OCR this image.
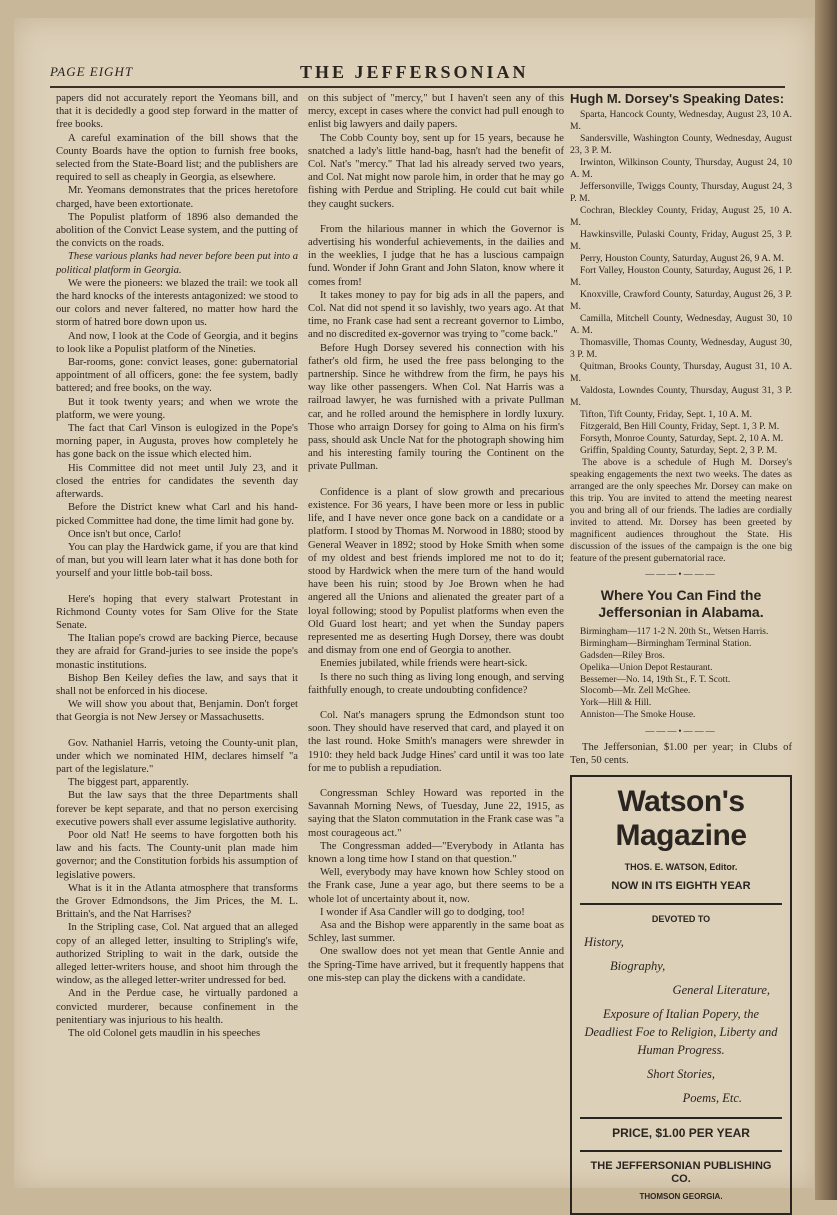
PAGE EIGHT	THE JEFFERSONIAN

papers did not accurately report the Yeomans bill, and that it is decidedly a good step forward in the matter of free books.

A careful examination of the bill shows that the County Boards have the option to furnish free books, selected from the State-Board list; and the publishers are required to sell as cheaply in Georgia, as elsewhere.

Mr. Yeomans demonstrates that the prices heretofore charged, have been extortionate.

The Populist platform of 1896 also demanded the abolition of the Convict Lease system, and the putting of the convicts on the roads.

These various planks had never before been put into a political platform in Georgia.

We were the pioneers: we blazed the trail: we took all the hard knocks of the interests antagonized: we stood to our colors and never faltered, no matter how hard the storm of hatred bore down upon us.

And now, I look at the Code of Georgia, and it begins to look like a Populist platform of the Nineties.

Bar-rooms, gone: convict leases, gone: gubernatorial appointment of all officers, gone: the fee system, badly battered; and free books, on the way.

But it took twenty years; and when we wrote the platform, we were young.

The fact that Carl Vinson is eulogized in the Pope's morning paper, in Augusta, proves how completely he has gone back on the issue which elected him.

His Committee did not meet until July 23, and it closed the entries for candidates the seventh day afterwards.

Before the District knew what Carl and his hand-picked Committee had done, the time limit had gone by.

Once isn't but once, Carlo!

You can play the Hardwick game, if you are that kind of man, but you will learn later what it has done both for yourself and your little bob-tail boss.

Here's hoping that every stalwart Protestant in Richmond County votes for Sam Olive for the State Senate.

The Italian pope's crowd are backing Pierce, because they are afraid for Grand-juries to see inside the pope's monastic institutions.

Bishop Ben Keiley defies the law, and says that it shall not be enforced in his diocese.

We will show you about that, Benjamin. Don't forget that Georgia is not New Jersey or Massachusetts.

Gov. Nathaniel Harris, vetoing the County-unit plan, under which we nominated HIM, declares himself "a part of the legislature."

The biggest part, apparently.

But the law says that the three Departments shall forever be kept separate, and that no person exercising executive powers shall ever assume legislative authority.

Poor old Nat! He seems to have forgotten both his law and his facts. The County-unit plan made him governor; and the Constitution forbids his assumption of legislative powers.

What is it in the Atlanta atmosphere that transforms the Grover Edmondsons, the Jim Prices, the M. L. Brittain's, and the Nat Harrises?

In the Stripling case, Col. Nat argued that an alleged copy of an alleged letter, insulting to Stripling's wife, authorized Stripling to wait in the dark, outside the alleged letter-writers house, and shoot him through the window, as the alleged letter-writer undressed for bed.

And in the Perdue case, he virtually pardoned a convicted murderer, because confinement in the penitentiary was injurious to his health.

The old Colonel gets maudlin in his speeches

on this subject of "mercy," but I haven't seen any of this mercy, except in cases where the convict had pull enough to enlist big lawyers and daily papers.

The Cobb County boy, sent up for 15 years, because he snatched a lady's little hand-bag, hasn't had the benefit of Col. Nat's "mercy." That lad his already served two years, and Col. Nat might now parole him, in order that he may go fishing with Perdue and Stripling. He could cut bait while they caught suckers.

From the hilarious manner in which the Governor is advertising his wonderful achievements, in the dailies and in the weeklies, I judge that he has a luscious campaign fund. Wonder if John Grant and John Slaton, know where it comes from!

It takes money to pay for big ads in all the papers, and Col. Nat did not spend it so lavishly, two years ago. At that time, no Frank case had sent a recreant governor to Limbo, and no discredited ex-governor was trying to "come back."

Before Hugh Dorsey severed his connection with his father's old firm, he used the free pass belonging to the partnership. Since he withdrew from the firm, he pays his way like other passengers. When Col. Nat Harris was a railroad lawyer, he was furnished with a private Pullman car, and he rolled around the hemisphere in lordly luxury. Those who arraign Dorsey for going to Alma on his firm's pass, should ask Uncle Nat for the photograph showing him and his interesting family touring the Continent on the private Pullman.

Confidence is a plant of slow growth and precarious existence. For 36 years, I have been more or less in public life, and I have never once gone back on a candidate or a platform. I stood by Thomas M. Norwood in 1880; stood by General Weaver in 1892; stood by Hoke Smith when some of my oldest and best friends implored me not to do it; stood by Hardwick when the mere turn of the hand would have been his ruin; stood by Joe Brown when he had angered all the Unions and alienated the greater part of a loyal following; stood by Populist platforms when even the Old Guard lost heart; and yet when the Sunday papers represented me as deserting Hugh Dorsey, there was doubt and dismay from one end of Georgia to another.

Enemies jubilated, while friends were heart-sick.

Is there no such thing as living long enough, and serving faithfully enough, to create undoubting confidence?

Col. Nat's managers sprung the Edmondson stunt too soon. They should have reserved that card, and played it on the last round. Hoke Smith's managers were shrewder in 1910: they held back Judge Hines' card until it was too late for me to publish a repudiation.

Congressman Schley Howard was reported in the Savannah Morning News, of Tuesday, June 22, 1915, as saying that the Slaton commutation in the Frank case was "a most courageous act."

The Congressman added—"Everybody in Atlanta has known a long time how I stand on that question."

Well, everybody may have known how Schley stood on the Frank case, June a year ago, but there seems to be a whole lot of uncertainty about it, now.

I wonder if Asa Candler will go to dodging, too!

Asa and the Bishop were apparently in the same boat as Schley, last summer.

One swallow does not yet mean that Gentle Annie and the Spring-Time have arrived, but it frequently happens that one mis-step can play the dickens with a candidate.

Hugh M. Dorsey's Speaking Dates:

Sparta, Hancock County, Wednesday, August 23, 10 A. M.

Sandersville, Washington County, Wednesday, August 23, 3 P. M.

Irwinton, Wilkinson County, Thursday, August 24, 10 A. M.

Jeffersonville, Twiggs County, Thursday, August 24, 3 P. M.

Cochran, Bleckley County, Friday, August 25, 10 A. M.

Hawkinsville, Pulaski County, Friday, August 25, 3 P. M.

Perry, Houston County, Saturday, August 26, 9 A. M.

Fort Valley, Houston County, Saturday, August 26, 1 P. M.

Knoxville, Crawford County, Saturday, August 26, 3 P. M.

Camilla, Mitchell County, Wednesday, August 30, 10 A. M.

Thomasville, Thomas County, Wednesday, August 30, 3 P. M.

Quitman, Brooks County, Thursday, August 31, 10 A. M.

Valdosta, Lowndes County, Thursday, August 31, 3 P. M.

Tifton, Tift County, Friday, Sept. 1, 10 A. M.

Fitzgerald, Ben Hill County, Friday, Sept. 1, 3 P. M.

Forsyth, Monroe County, Saturday, Sept. 2, 10 A. M.

Griffin, Spalding County, Saturday, Sept. 2, 3 P. M.

The above is a schedule of Hugh M. Dorsey's speaking engagements the next two weeks. The dates as arranged are the only speeches Mr. Dorsey can make on this trip. You are invited to attend the meeting nearest you and bring all of our friends. The ladies are cordially invited to attend. Mr. Dorsey has been greeted by magnificent audiences throughout the State. His discussion of the issues of the campaign is the one big feature of the present gubernatorial race.

———•———
Where You Can Find the Jeffersonian in Alabama.

Birmingham—117 1-2 N. 20th St., Wetsen Harris.

Birmingham—Birmingham Terminal Station.

Gadsden—Riley Bros.

Opelika—Union Depot Restaurant.

Bessemer—No. 14, 19th St., F. T. Scott.

Slocomb—Mr. Zell McGhee.

York—Hill & Hill.

Anniston—The Smoke House.

———•———

The Jeffersonian, $1.00 per year; in Clubs of Ten, 50 cents.

Watson's Magazine
THOS. E. WATSON, Editor.
NOW IN ITS EIGHTH YEAR
DEVOTED TO
History,
Biography,
General Literature,
Exposure of Italian Popery, the Deadliest Foe to Religion, Liberty and Human Progress.
Short Stories,
Poems, Etc.
PRICE, $1.00 PER YEAR
THE JEFFERSONIAN PUBLISHING CO.
THOMSON GEORGIA.
